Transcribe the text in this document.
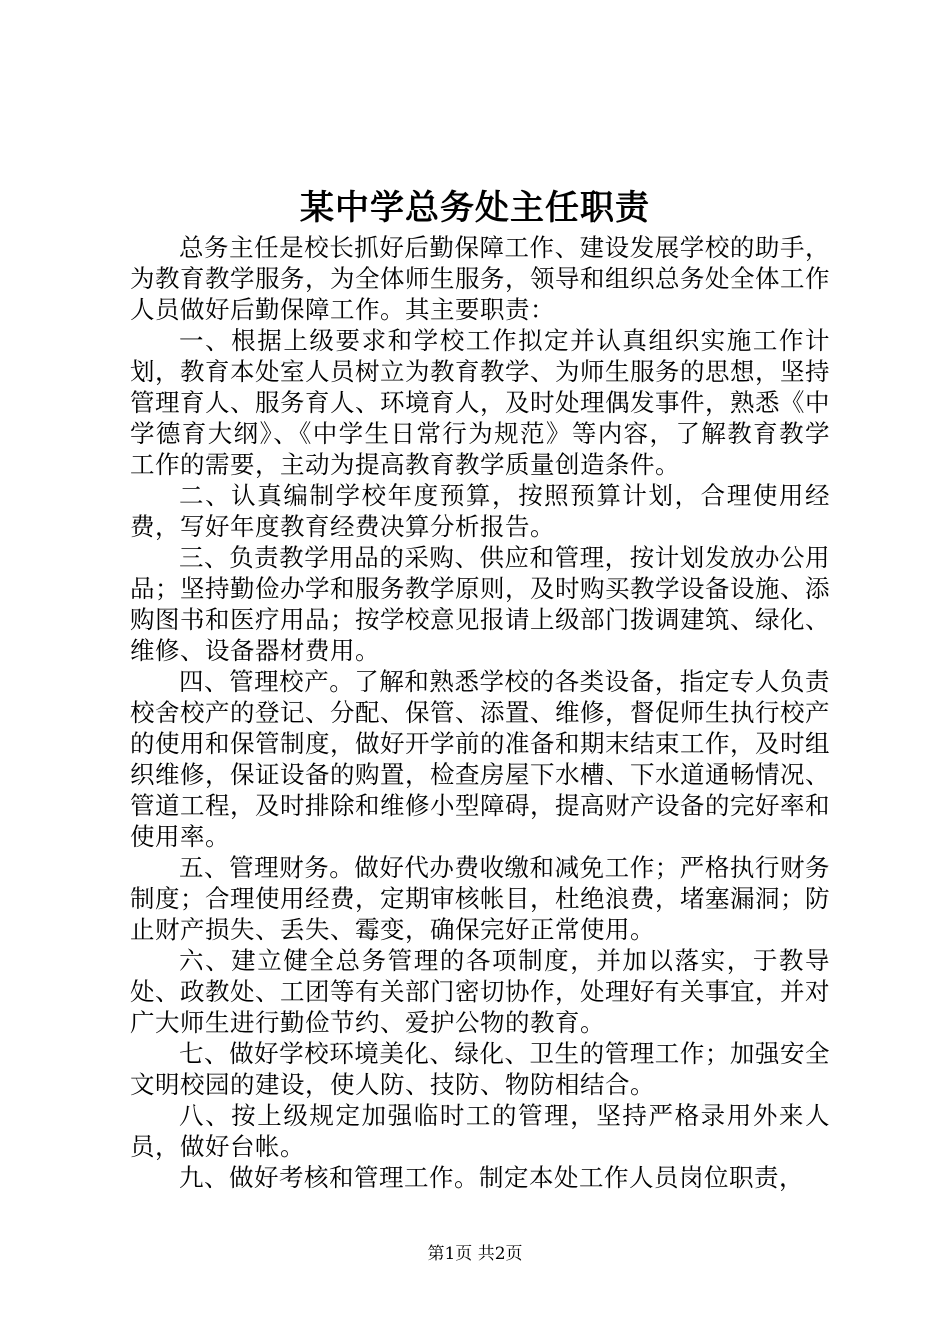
某中学总务处主任职责

总务主任是校长抓好后勤保障工作、建设发展学校的助手，为教育教学服务，为全体师生服务，领导和组织总务处全体工作人员做好后勤保障工作。其主要职责：

一、根据上级要求和学校工作拟定并认真组织实施工作计划，教育本处室人员树立为教育教学、为师生服务的思想，坚持管理育人、服务育人、环境育人，及时处理偶发事件，熟悉《中学德育大纲》、《中学生日常行为规范》等内容，了解教育教学工作的需要，主动为提高教育教学质量创造条件。

二、认真编制学校年度预算，按照预算计划，合理使用经费，写好年度教育经费决算分析报告。

三、负责教学用品的采购、供应和管理，按计划发放办公用品；坚持勤俭办学和服务教学原则，及时购买教学设备设施、添购图书和医疗用品；按学校意见报请上级部门拨调建筑、绿化、维修、设备器材费用。

四、管理校产。了解和熟悉学校的各类设备，指定专人负责校舍校产的登记、分配、保管、添置、维修，督促师生执行校产的使用和保管制度，做好开学前的准备和期末结束工作，及时组织维修，保证设备的购置，检查房屋下水槽、下水道通畅情况、管道工程，及时排除和维修小型障碍，提高财产设备的完好率和使用率。

五、管理财务。做好代办费收缴和减免工作；严格执行财务制度；合理使用经费，定期审核帐目，杜绝浪费，堵塞漏洞；防止财产损失、丢失、霉变，确保完好正常使用。

六、建立健全总务管理的各项制度，并加以落实，于教导处、政教处、工团等有关部门密切协作，处理好有关事宜，并对广大师生进行勤俭节约、爱护公物的教育。

七、做好学校环境美化、绿化、卫生的管理工作；加强安全文明校园的建设，使人防、技防、物防相结合。

八、按上级规定加强临时工的管理，坚持严格录用外来人员，做好台帐。

九、做好考核和管理工作。制定本处工作人员岗位职责，

第1页 共2页
